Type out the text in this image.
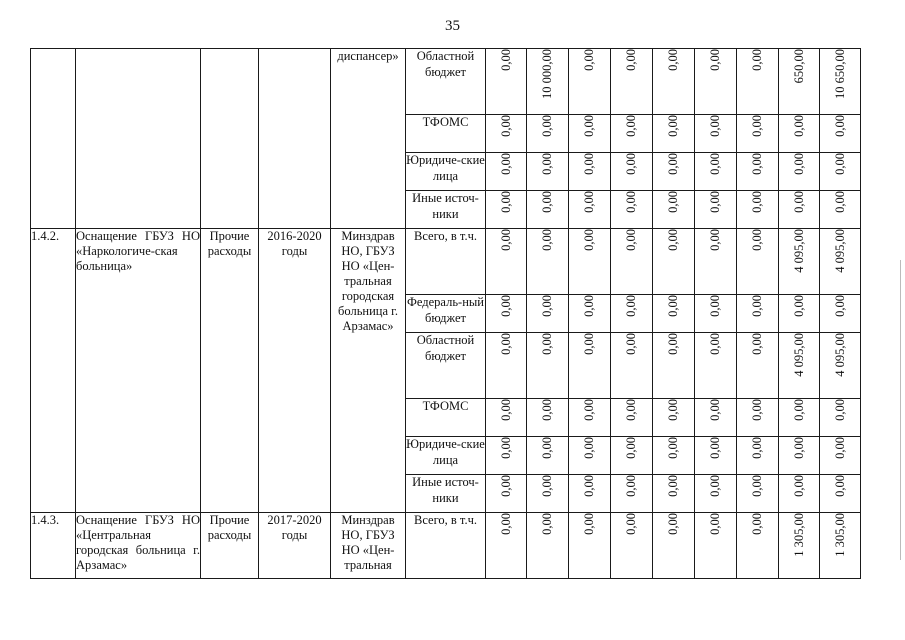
35
				диспансер»	Областной бюджет	0,00	10 000,00	0,00	0,00	0,00	0,00	0,00	650,00	10 650,00
					ТФОМС	0,00	0,00	0,00	0,00	0,00	0,00	0,00	0,00	0,00
					Юридиче-ские лица	0,00	0,00	0,00	0,00	0,00	0,00	0,00	0,00	0,00
					Иные источ-ники	0,00	0,00	0,00	0,00	0,00	0,00	0,00	0,00	0,00
1.4.2.	Оснащение ГБУЗ НО «Наркологиче-ская больница»	Прочие расходы	2016-2020 годы	Минздрав НО, ГБУЗ НО «Цен-тральная городская больница г. Арзамас»	Всего, в т.ч.	0,00	0,00	0,00	0,00	0,00	0,00	0,00	4 095,00	4 095,00
					Федераль-ный бюджет	0,00	0,00	0,00	0,00	0,00	0,00	0,00	0,00	0,00
					Областной бюджет	0,00	0,00	0,00	0,00	0,00	0,00	0,00	4 095,00	4 095,00
					ТФОМС	0,00	0,00	0,00	0,00	0,00	0,00	0,00	0,00	0,00
					Юридиче-ские лица	0,00	0,00	0,00	0,00	0,00	0,00	0,00	0,00	0,00
					Иные источ-ники	0,00	0,00	0,00	0,00	0,00	0,00	0,00	0,00	0,00
1.4.3.	Оснащение ГБУЗ НО «Центральная городская больница г. Арзамас»	Прочие расходы	2017-2020 годы	Минздрав НО, ГБУЗ НО «Цен-тральная	Всего, в т.ч.	0,00	0,00	0,00	0,00	0,00	0,00	0,00	1 305,00	1 305,00
